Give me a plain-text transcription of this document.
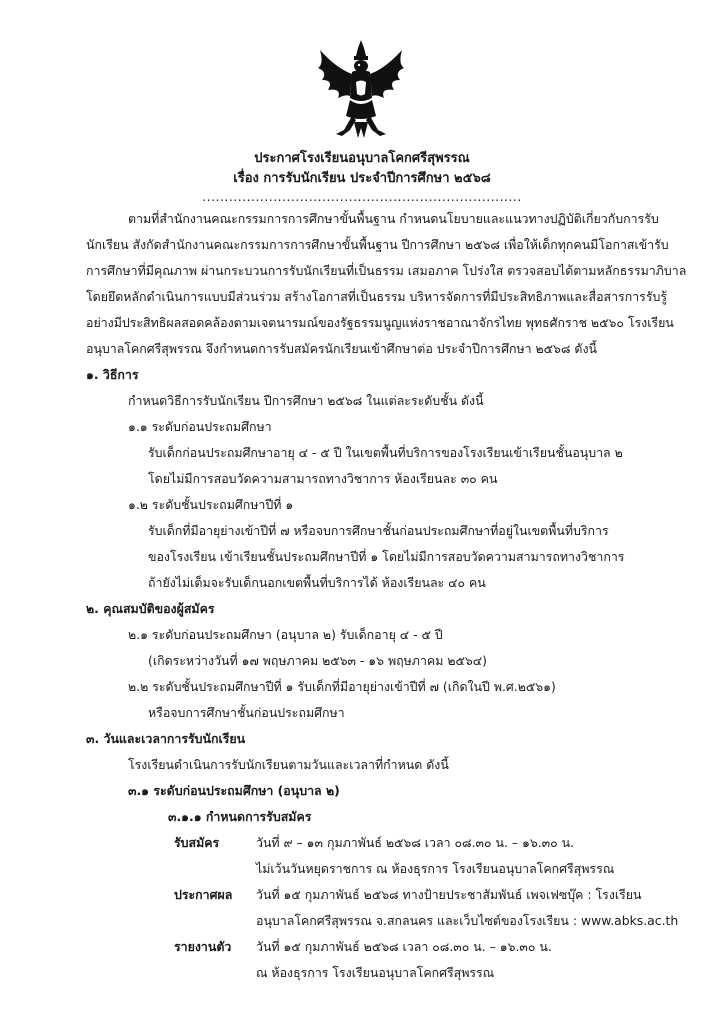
ประกาศโรงเรียนอนุบาลโคกศรีสุพรรณ
เรื่อง การรับนักเรียน ประจำปีการศึกษา ๒๕๖๘
........................................................................
ตามที่สำนักงานคณะกรรมการการศึกษาขั้นพื้นฐาน กำหนดนโยบายและแนวทางปฏิบัติเกี่ยวกับการรับ
นักเรียน สังกัดสำนักงานคณะกรรมการการศึกษาขั้นพื้นฐาน ปีการศึกษา ๒๕๖๘ เพื่อให้เด็กทุกคนมีโอกาสเข้ารับ
การศึกษาที่มีคุณภาพ ผ่านกระบวนการรับนักเรียนที่เป็นธรรม เสมอภาค โปร่งใส ตรวจสอบได้ตามหลักธรรมาภิบาล
โดยยึดหลักดำเนินการแบบมีส่วนร่วม สร้างโอกาสที่เป็นธรรม บริหารจัดการที่มีประสิทธิภาพและสื่อสารการรับรู้
อย่างมีประสิทธิผลสอดคล้องตามเจตนารมณ์ของรัฐธรรมนูญแห่งราชอาณาจักรไทย พุทธศักราช ๒๕๖๐ โรงเรียน
อนุบาลโคกศรีสุพรรณ จึงกำหนดการรับสมัครนักเรียนเข้าศึกษาต่อ ประจำปีการศึกษา ๒๕๖๘ ดังนี้
๑. วิธีการ
กำหนดวิธีการรับนักเรียน ปีการศึกษา ๒๕๖๘ ในแต่ละระดับชั้น ดังนี้
๑.๑ ระดับก่อนประถมศึกษา
รับเด็กก่อนประถมศึกษาอายุ ๔ - ๕ ปี ในเขตพื้นที่บริการของโรงเรียนเข้าเรียนชั้นอนุบาล ๒
โดยไม่มีการสอบวัดความสามารถทางวิชาการ ห้องเรียนละ ๓๐ คน
๑.๒ ระดับชั้นประถมศึกษาปีที่ ๑
รับเด็กที่มีอายุย่างเข้าปีที่ ๗ หรือจบการศึกษาชั้นก่อนประถมศึกษาที่อยู่ในเขตพื้นที่บริการ
ของโรงเรียน เข้าเรียนชั้นประถมศึกษาปีที่ ๑ โดยไม่มีการสอบวัดความสามารถทางวิชาการ
ถ้ายังไม่เต็มจะรับเด็กนอกเขตพื้นที่บริการได้ ห้องเรียนละ ๔๐ คน
๒. คุณสมบัติของผู้สมัคร
๒.๑ ระดับก่อนประถมศึกษา (อนุบาล ๒) รับเด็กอายุ ๔ - ๕ ปี
(เกิดระหว่างวันที่ ๑๗ พฤษภาคม ๒๕๖๓ - ๑๖ พฤษภาคม ๒๕๖๔)
๒.๒ ระดับชั้นประถมศึกษาปีที่ ๑ รับเด็กที่มีอายุย่างเข้าปีที่ ๗ (เกิดในปี พ.ศ.๒๕๖๑)
หรือจบการศึกษาชั้นก่อนประถมศึกษา
๓. วันและเวลาการรับนักเรียน
โรงเรียนดำเนินการรับนักเรียนตามวันและเวลาที่กำหนด ดังนี้
๓.๑ ระดับก่อนประถมศึกษา (อนุบาล ๒)
๓.๑.๑ กำหนดการรับสมัคร
รับสมัคร	วันที่ ๙ – ๑๓ กุมภาพันธ์ ๒๕๖๘ เวลา ๐๘.๓๐ น. – ๑๖.๓๐ น.
ไม่เว้นวันหยุดราชการ ณ ห้องธุรการ โรงเรียนอนุบาลโคกศรีสุพรรณ
ประกาศผล วันที่ ๑๕ กุมภาพันธ์ ๒๕๖๘ ทางป้ายประชาสัมพันธ์ เพจเฟซบุ๊ค : โรงเรียน
อนุบาลโคกศรีสุพรรณ จ.สกลนคร และเว็บไซต์ของโรงเรียน : www.abks.ac.th
รายงานตัว วันที่ ๑๕ กุมภาพันธ์ ๒๕๖๘ เวลา ๐๘.๓๐ น. – ๑๖.๓๐ น.
ณ ห้องธุรการ โรงเรียนอนุบาลโคกศรีสุพรรณ
